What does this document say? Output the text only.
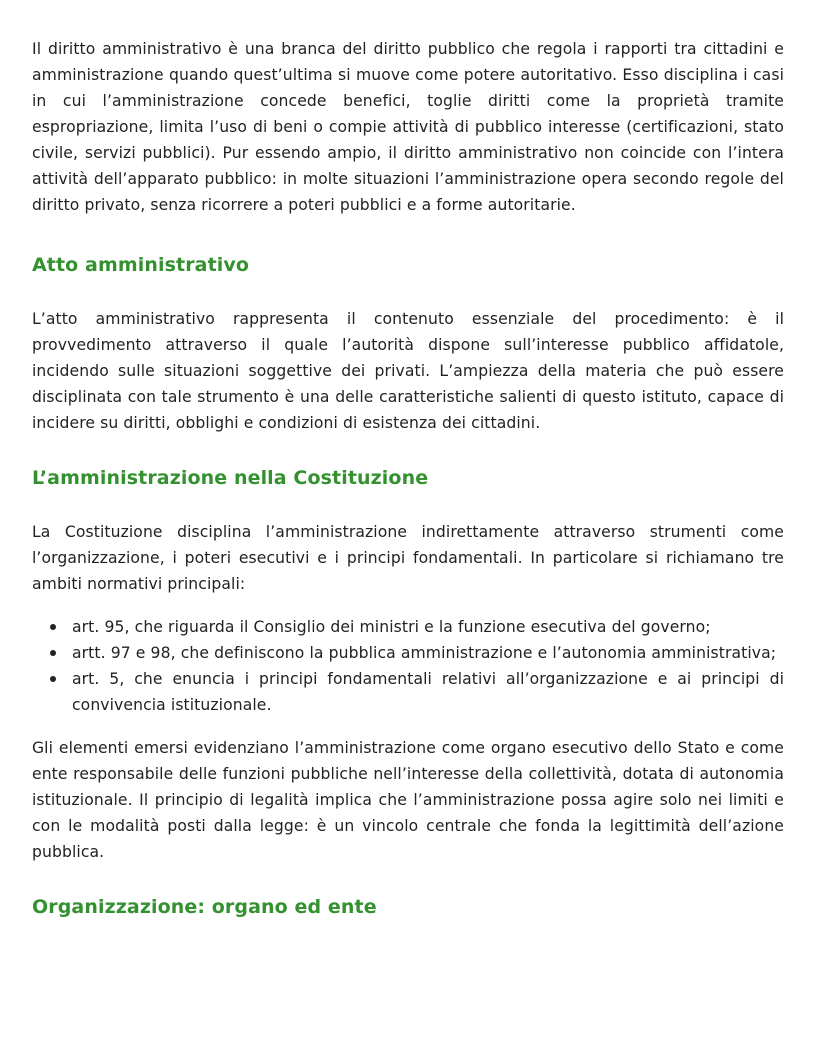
Il diritto amministrativo è una branca del diritto pubblico che regola i rapporti tra cittadini e amministrazione quando quest’ultima si muove come potere autoritativo. Esso disciplina i casi in cui l’amministrazione concede benefici, toglie diritti come la proprietà tramite espropriazione, limita l’uso di beni o compie attività di pubblico interesse (certificazioni, stato civile, servizi pubblici). Pur essendo ampio, il diritto amministrativo non coincide con l’intera attività dell’apparato pubblico: in molte situazioni l’amministrazione opera secondo regole del diritto privato, senza ricorrere a poteri pubblici e a forme autoritarie.

Atto amministrativo

L’atto amministrativo rappresenta il contenuto essenziale del procedimento: è il provvedimento attraverso il quale l’autorità dispone sull’interesse pubblico affidatole, incidendo sulle situazioni soggettive dei privati. L’ampiezza della materia che può essere disciplinata con tale strumento è una delle caratteristiche salienti di questo istituto, capace di incidere su diritti, obblighi e condizioni di esistenza dei cittadini.

L’amministrazione nella Costituzione

La Costituzione disciplina l’amministrazione indirettamente attraverso strumenti come l’organizzazione, i poteri esecutivi e i principi fondamentali. In particolare si richiamano tre ambiti normativi principali:

art. 95, che riguarda il Consiglio dei ministri e la funzione esecutiva del governo;
artt. 97 e 98, che definiscono la pubblica amministrazione e l’autonomia amministrativa;
art. 5, che enuncia i principi fondamentali relativi all’organizzazione e ai principi di convivencia istituzionale.

Gli elementi emersi evidenziano l’amministrazione come organo esecutivo dello Stato e come ente responsabile delle funzioni pubbliche nell’interesse della collettività, dotata di autonomia istituzionale. Il principio di legalità implica che l’amministrazione possa agire solo nei limiti e con le modalità posti dalla legge: è un vincolo centrale che fonda la legittimità dell’azione pubblica.

Organizzazione: organo ed ente
